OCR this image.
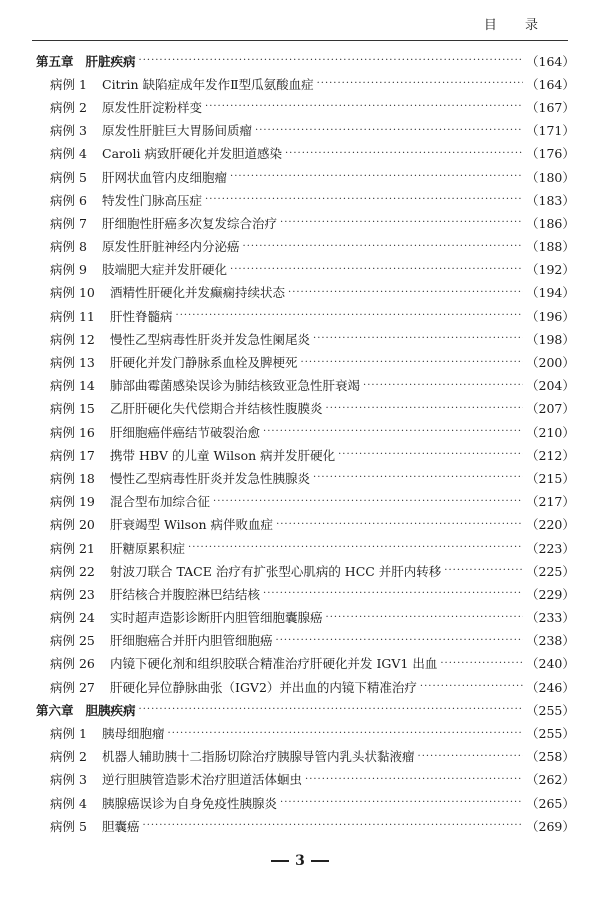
目 录
第五章 肝脏疾病 ·····	（164）
病例 1	Citrin 缺陷症成年发作Ⅱ型瓜氨酸血症 ·····	（164）
病例 2	原发性肝淀粉样变 ·····	（167）
病例 3	原发性肝脏巨大胃肠间质瘤 ·····	（171）
病例 4	Caroli 病致肝硬化并发胆道感染 ·····	（176）
病例 5	肝网状血管内皮细胞瘤 ·····	（180）
病例 6	特发性门脉高压症 ·····	（183）
病例 7	肝细胞性肝癌多次复发综合治疗 ·····	（186）
病例 8	原发性肝脏神经内分泌癌 ·····	（188）
病例 9	肢端肥大症并发肝硬化 ·····	（192）
病例 10	酒精性肝硬化并发癫痫持续状态 ·····	（194）
病例 11	肝性脊髓病 ·····	（196）
病例 12	慢性乙型病毒性肝炎并发急性阑尾炎 ·····	（198）
病例 13	肝硬化并发门静脉系血栓及脾梗死 ·····	（200）
病例 14	肺部曲霉菌感染误诊为肺结核致亚急性肝衰竭 ·····	（204）
病例 15	乙肝肝硬化失代偿期合并结核性腹膜炎 ·····	（207）
病例 16	肝细胞癌伴癌结节破裂治愈 ·····	（210）
病例 17	携带 HBV 的儿童 Wilson 病并发肝硬化 ·····	（212）
病例 18	慢性乙型病毒性肝炎并发急性胰腺炎 ·····	（215）
病例 19	混合型布加综合征 ·····	（217）
病例 20	肝衰竭型 Wilson 病伴败血症 ·····	（220）
病例 21	肝糖原累积症 ·····	（223）
病例 22	射波刀联合 TACE 治疗有扩张型心肌病的 HCC 并肝内转移 ·····	（225）
病例 23	肝结核合并腹腔淋巴结结核 ·····	（229）
病例 24	实时超声造影诊断肝内胆管细胞囊腺癌 ·····	（233）
病例 25	肝细胞癌合并肝内胆管细胞癌 ·····	（238）
病例 26	内镜下硬化剂和组织胶联合精准治疗肝硬化并发 IGV1 出血 ·····	（240）
病例 27	肝硬化异位静脉曲张（IGV2）并出血的内镜下精准治疗 ·····	（246）
第六章 胆胰疾病 ·····	（255）
病例 1	胰母细胞瘤 ·····	（255）
病例 2	机器人辅助胰十二指肠切除治疗胰腺导管内乳头状黏液瘤 ·····	（258）
病例 3	逆行胆胰管造影术治疗胆道活体蛔虫 ·····	（262）
病例 4	胰腺癌误诊为自身免疫性胰腺炎 ·····	（265）
病例 5	胆囊癌 ·····	（269）
3
